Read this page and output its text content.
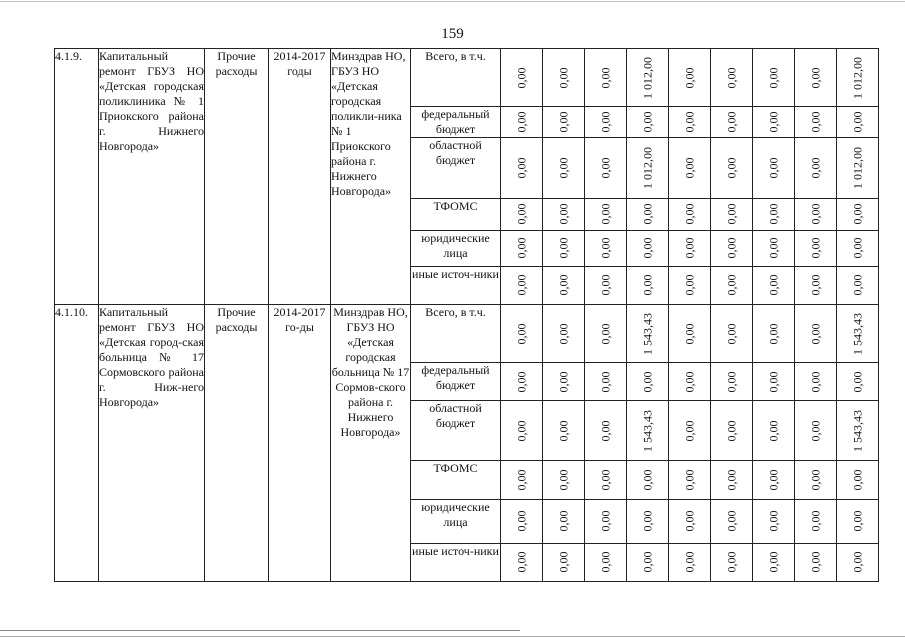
159
4.1.9.	Капитальный ремонт ГБУЗ НО «Детская городская поликлиника № 1 Приокского района г. Нижнего Новгорода»	Прочие расходы	2014-2017 годы	Минздрав НО, ГБУЗ НО «Детская городская поликли-ника № 1 Приокского района г. Нижнего Новгорода»	Всего, в т.ч.	0,00	0,00	0,00	1 012,00	0,00	0,00	0,00	0,00	1 012,00

					федеральный бюджет	0,00	0,00	0,00	0,00	0,00	0,00	0,00	0,00	0,00

					областной бюджет	0,00	0,00	0,00	1 012,00	0,00	0,00	0,00	0,00	1 012,00

					ТФОМС	0,00	0,00	0,00	0,00	0,00	0,00	0,00	0,00	0,00

					юридические лица	0,00	0,00	0,00	0,00	0,00	0,00	0,00	0,00	0,00

					иные источ-ники	0,00	0,00	0,00	0,00	0,00	0,00	0,00	0,00	0,00

4.1.10.	Капитальный ремонт ГБУЗ НО «Детская город-ская больница № 17 Сормовского района г. Ниж-него Новгорода»	Прочие расходы	2014-2017 го-ды	Минздрав НО, ГБУЗ НО «Детская городская больница № 17 Сормов-ского района г. Нижнего Новгорода»	Всего, в т.ч.	0,00	0,00	0,00	1 543,43	0,00	0,00	0,00	0,00	1 543,43

					федеральный бюджет	0,00	0,00	0,00	0,00	0,00	0,00	0,00	0,00	0,00

					областной бюджет	0,00	0,00	0,00	1 543,43	0,00	0,00	0,00	0,00	1 543,43

					ТФОМС	0,00	0,00	0,00	0,00	0,00	0,00	0,00	0,00	0,00

					юридические лица	0,00	0,00	0,00	0,00	0,00	0,00	0,00	0,00	0,00

					иные источ-ники	0,00	0,00	0,00	0,00	0,00	0,00	0,00	0,00	0,00
